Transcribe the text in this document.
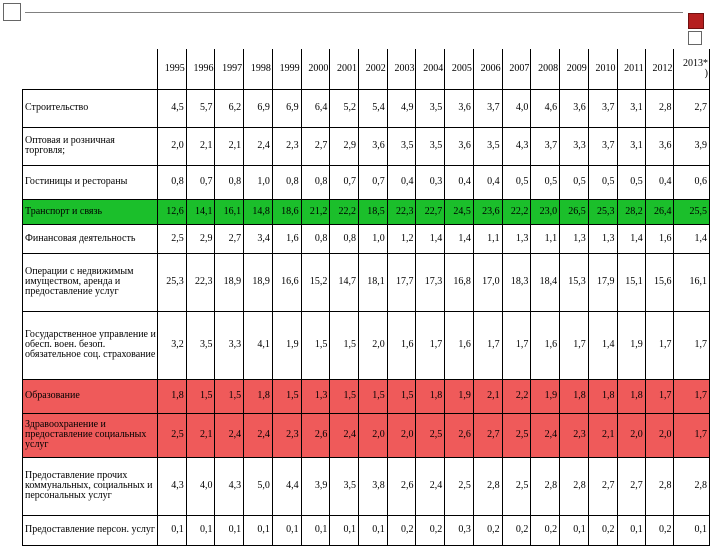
	1995	1996	1997	1998	1999	2000	2001	2002	2003	2004	2005	2006	2007	2008	2009	2010	2011	2012	2013*
)
Строительство	4,5	5,7	6,2	6,9	6,9	6,4	5,2	5,4	4,9	3,5	3,6	3,7	4,0	4,6	3,6	3,7	3,1	2,8	2,7
Оптовая и розничная торговля;	2,0	2,1	2,1	2,4	2,3	2,7	2,9	3,6	3,5	3,5	3,6	3,5	4,3	3,7	3,3	3,7	3,1	3,6	3,9
Гостиницы и рестораны	0,8	0,7	0,8	1,0	0,8	0,8	0,7	0,7	0,4	0,3	0,4	0,4	0,5	0,5	0,5	0,5	0,5	0,4	0,6
Транспорт и связь	12,6	14,1	16,1	14,8	18,6	21,2	22,2	18,5	22,3	22,7	24,5	23,6	22,2	23,0	26,5	25,3	28,2	26,4	25,5
Финансовая деятельность	2,5	2,9	2,7	3,4	1,6	0,8	0,8	1,0	1,2	1,4	1,4	1,1	1,3	1,1	1,3	1,3	1,4	1,6	1,4
Операции с недвижимым имуществом, аренда и предоставление услуг	25,3	22,3	18,9	18,9	16,6	15,2	14,7	18,1	17,7	17,3	16,8	17,0	18,3	18,4	15,3	17,9	15,1	15,6	16,1
Государственное управление и обесп. воен. безоп. обязательное соц. страхование	3,2	3,5	3,3	4,1	1,9	1,5	1,5	2,0	1,6	1,7	1,6	1,7	1,7	1,6	1,7	1,4	1,9	1,7	1,7
Образование	1,8	1,5	1,5	1,8	1,5	1,3	1,5	1,5	1,5	1,8	1,9	2,1	2,2	1,9	1,8	1,8	1,8	1,7	1,7
Здравоохранение и предоставление социальных услуг	2,5	2,1	2,4	2,4	2,3	2,6	2,4	2,0	2,0	2,5	2,6	2,7	2,5	2,4	2,3	2,1	2,0	2,0	1,7
Предоставление прочих коммунальных, социальных и персональных услуг	4,3	4,0	4,3	5,0	4,4	3,9	3,5	3,8	2,6	2,4	2,5	2,8	2,5	2,8	2,8	2,7	2,7	2,8	2,8
Предоставление персон. услуг	0,1	0,1	0,1	0,1	0,1	0,1	0,1	0,1	0,2	0,2	0,3	0,2	0,2	0,2	0,1	0,2	0,1	0,2	0,1
